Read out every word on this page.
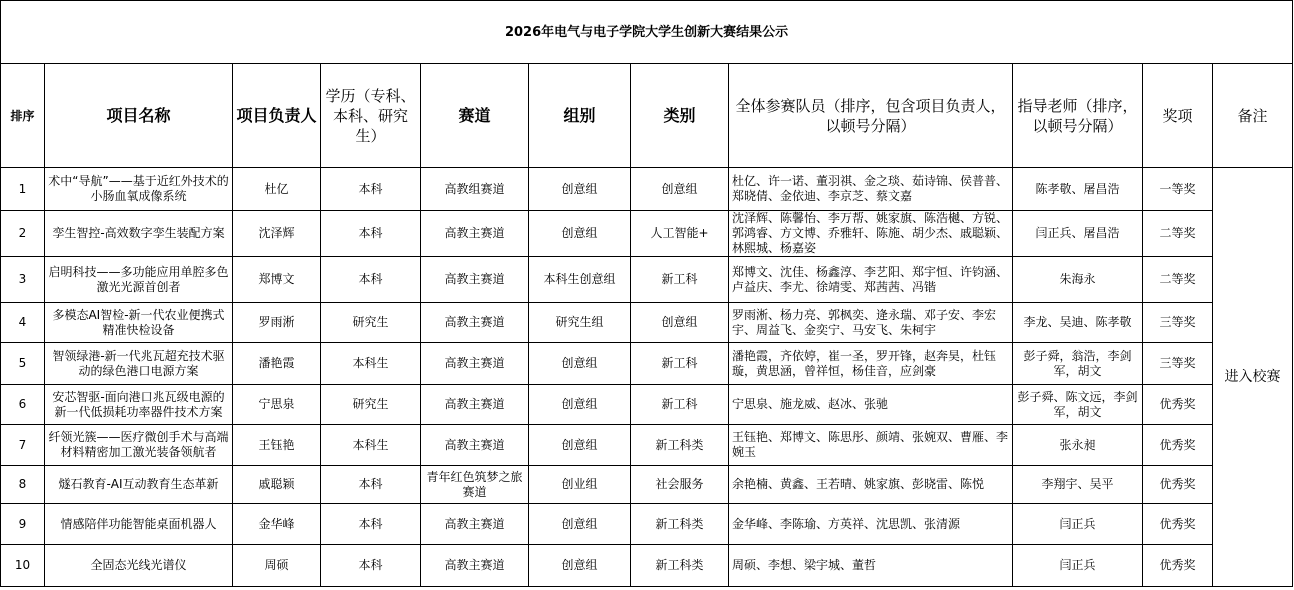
2026年电气与电子学院大学生创新大赛结果公示										
排序	项目名称	项目负责人	学历（专科、本科、研究生）	赛道	组别	类别	全体参赛队员（排序，包含项目负责人，以顿号分隔）	指导老师（排序，以顿号分隔）	奖项	备注
1	术中“导航”——基于近红外技术的小肠血氧成像系统	杜亿	本科	高教组赛道	创意组	创意组	杜亿、许一诺、董羽祺、金之琰、茹诗锦、侯普普、郑晓倩、金依迪、李京芝、蔡文嘉	陈孝敬、屠昌浩	一等奖	进入校赛
2	孪生智控-高效数字孪生装配方案	沈泽辉	本科	高教主赛道	创意组	人工智能+	沈泽辉、陈馨怡、李万帮、姚家旗、陈浩樾、方锐、郭鸿睿、方文博、乔雅轩、陈施、胡少杰、戚聪颖、林熙城、杨嘉姿	闫正兵、屠昌浩	二等奖	
3	启明科技——多功能应用单腔多色激光光源首创者	郑博文	本科	高教主赛道	本科生创意组	新工科	郑博文、沈佳、杨鑫淳、李艺阳、郑宇恒、许钧涵、卢益庆、李尤、徐靖雯、郑茜茜、冯锴	朱海永	二等奖	
4	多模态AI智检-新一代农业便携式精准快检设备	罗雨淅	研究生	高教主赛道	研究生组	创意组	罗雨淅、杨力亮、郭枫奕、逄永瑞、邓子安、李宏宇、周益飞、金奕宁、马安飞、朱柯宇	李龙、吴迪、陈孝敬	三等奖	
5	智领绿港-新一代兆瓦超充技术驱动的绿色港口电源方案	潘艳霞	本科生	高教主赛道	创意组	新工科	潘艳霞，齐依婷，崔一圣，罗开锋，赵奔昊，杜钰璇，黄思涵，曾祥恒，杨佳音，应剑豪	彭子舜，翁浩，李剑军，胡文	三等奖	
6	安芯智驱-面向港口兆瓦级电源的新一代低损耗功率器件技术方案	宁思泉	研究生	高教主赛道	创意组	新工科	宁思泉、施龙威、赵冰、张驰	彭子舜、陈文远，李剑军，胡文	优秀奖	
7	纤领光簇——医疗微创手术与高端材料精密加工激光装备领航者	王钰艳	本科生	高教主赛道	创意组	新工科类	王钰艳、郑博文、陈思彤、颜靖、张婉双、曹雁、李婉玉	张永昶	优秀奖	
8	燧石教育-AI互动教育生态革新	戚聪颖	本科	青年红色筑梦之旅赛道	创业组	社会服务	余艳楠、黄鑫、王若晴、姚家旗、彭晓雷、陈悦	李翔宇、吴平	优秀奖	
9	情感陪伴功能智能桌面机器人	金华峰	本科	高教主赛道	创意组	新工科类	金华峰、李陈瑜、方英祥、沈思凯、张清源	闫正兵	优秀奖	
10	全固态光线光谱仪	周硕	本科	高教主赛道	创意组	新工科类	周硕、李想、梁宇城、董哲	闫正兵	优秀奖	
